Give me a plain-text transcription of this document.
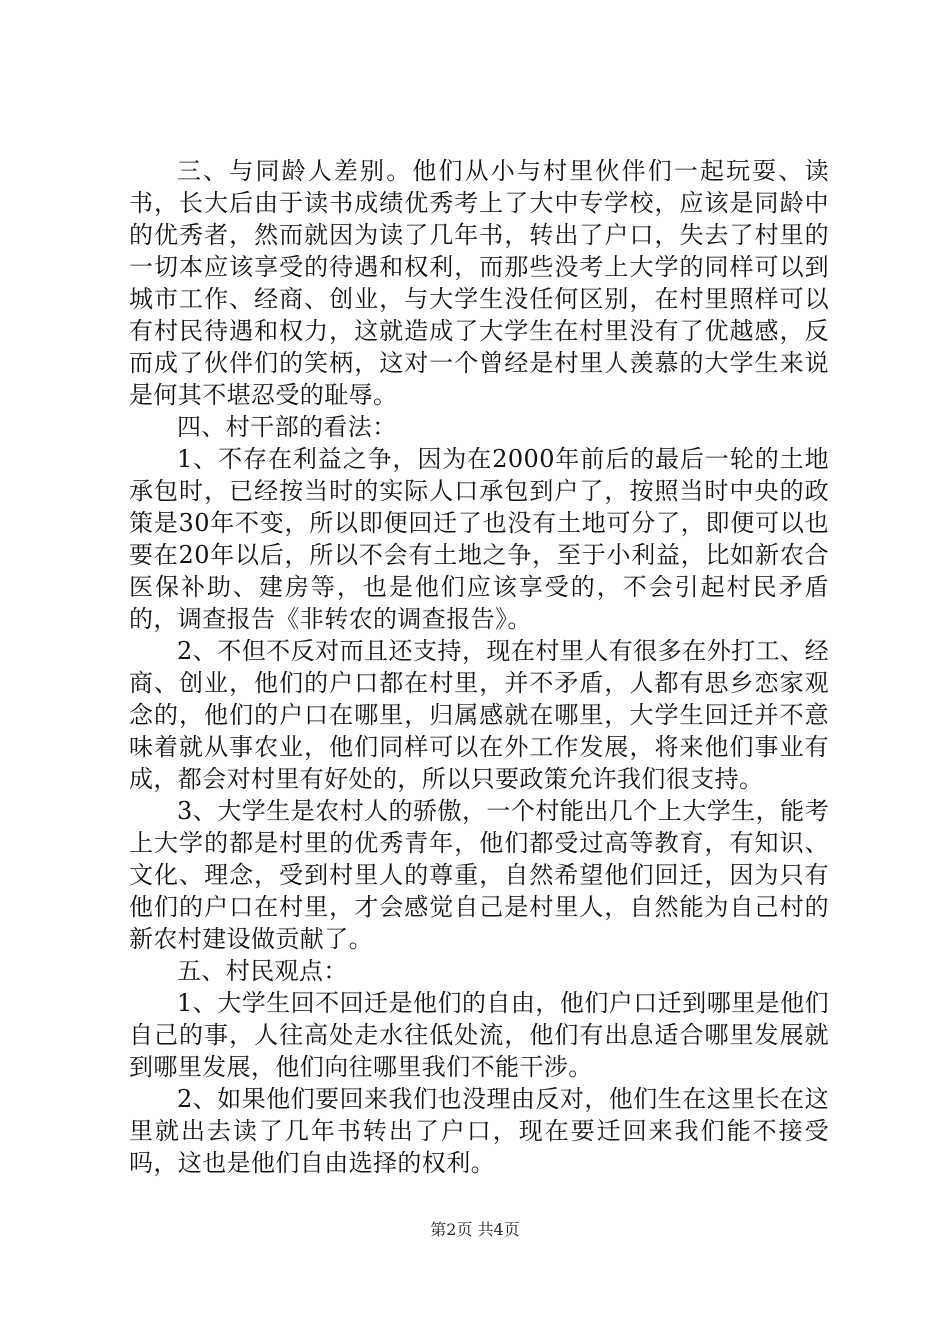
三、与同龄人差别。他们从小与村里伙伴们一起玩耍、读书，长大后由于读书成绩优秀考上了大中专学校，应该是同龄中的优秀者，然而就因为读了几年书，转出了户口，失去了村里的一切本应该享受的待遇和权利，而那些没考上大学的同样可以到城市工作、经商、创业，与大学生没任何区别，在村里照样可以有村民待遇和权力，这就造成了大学生在村里没有了优越感，反而成了伙伴们的笑柄，这对一个曾经是村里人羡慕的大学生来说是何其不堪忍受的耻辱。

四、村干部的看法：

1、不存在利益之争，因为在2000年前后的最后一轮的土地承包时，已经按当时的实际人口承包到户了，按照当时中央的政策是30年不变，所以即便回迁了也没有土地可分了，即便可以也要在20年以后，所以不会有土地之争，至于小利益，比如新农合医保补助、建房等，也是他们应该享受的，不会引起村民矛盾的，调查报告《非转农的调查报告》。

2、不但不反对而且还支持，现在村里人有很多在外打工、经商、创业，他们的户口都在村里，并不矛盾，人都有思乡恋家观念的，他们的户口在哪里，归属感就在哪里，大学生回迁并不意味着就从事农业，他们同样可以在外工作发展，将来他们事业有成，都会对村里有好处的，所以只要政策允许我们很支持。

3、大学生是农村人的骄傲，一个村能出几个上大学生，能考上大学的都是村里的优秀青年，他们都受过高等教育，有知识、文化、理念，受到村里人的尊重，自然希望他们回迁，因为只有他们的户口在村里，才会感觉自己是村里人，自然能为自己村的新农村建设做贡献了。

五、村民观点：

1、大学生回不回迁是他们的自由，他们户口迁到哪里是他们自己的事，人往高处走水往低处流，他们有出息适合哪里发展就到哪里发展，他们向往哪里我们不能干涉。

2、如果他们要回来我们也没理由反对，他们生在这里长在这里就出去读了几年书转出了户口，现在要迁回来我们能不接受吗，这也是他们自由选择的权利。

第2页 共4页
